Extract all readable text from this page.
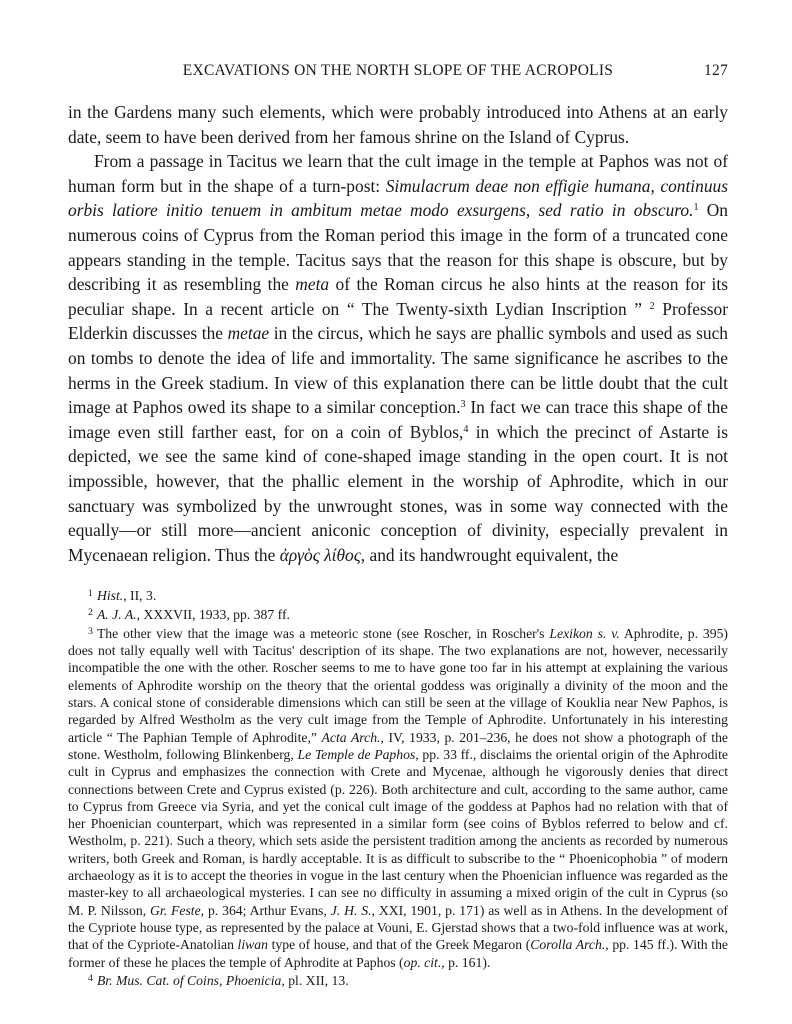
EXCAVATIONS ON THE NORTH SLOPE OF THE ACROPOLIS	127

in the Gardens many such elements, which were probably introduced into Athens at an early date, seem to have been derived from her famous shrine on the Island of Cyprus.

From a passage in Tacitus we learn that the cult image in the temple at Paphos was not of human form but in the shape of a turn-post: Simulacrum deae non effigie humana, continuus orbis latiore initio tenuem in ambitum metae modo exsurgens, sed ratio in obscuro.$^1$ On numerous coins of Cyprus from the Roman period this image in the form of a truncated cone appears standing in the temple. Tacitus says that the reason for this shape is obscure, but by describing it as resembling the meta of the Roman circus he also hints at the reason for its peculiar shape. In a recent article on “ The Twenty-sixth Lydian Inscription ” $^2$ Professor Elderkin discusses the metae in the circus, which he says are phallic symbols and used as such on tombs to denote the idea of life and immortality. The same significance he ascribes to the herms in the Greek stadium. In view of this explanation there can be little doubt that the cult image at Paphos owed its shape to a similar conception.$^3$ In fact we can trace this shape of the image even still farther east, for on a coin of Byblos,$^4$ in which the precinct of Astarte is depicted, we see the same kind of cone-shaped image standing in the open court. It is not impossible, however, that the phallic element in the worship of Aphrodite, which in our sanctuary was symbolized by the unwrought stones, was in some way connected with the equally—or still more—ancient aniconic conception of divinity, especially prevalent in Mycenaean religion. Thus the ἀργὸς λίθος, and its handwrought equivalent, the

$^1$ Hist., II, 3.

$^2$ A. J. A., XXXVII, 1933, pp. 387 ff.

$^3$ The other view that the image was a meteoric stone (see Roscher, in Roscher's Lexikon s. v. Aphrodite, p. 395) does not tally equally well with Tacitus' description of its shape. The two explanations are not, however, necessarily incompatible the one with the other. Roscher seems to me to have gone too far in his attempt at explaining the various elements of Aphrodite worship on the theory that the oriental goddess was originally a divinity of the moon and the stars. A conical stone of considerable dimensions which can still be seen at the village of Kouklia near New Paphos, is regarded by Alfred Westholm as the very cult image from the Temple of Aphrodite. Unfortunately in his interesting article “ The Paphian Temple of Aphrodite,” Acta Arch., IV, 1933, p. 201–236, he does not show a photograph of the stone. Westholm, following Blinkenberg, Le Temple de Paphos, pp. 33 ff., disclaims the oriental origin of the Aphrodite cult in Cyprus and emphasizes the connection with Crete and Mycenae, although he vigorously denies that direct connections between Crete and Cyprus existed (p. 226). Both architecture and cult, according to the same author, came to Cyprus from Greece via Syria, and yet the conical cult image of the goddess at Paphos had no relation with that of her Phoenician counterpart, which was represented in a similar form (see coins of Byblos referred to below and cf. Westholm, p. 221). Such a theory, which sets aside the persistent tradition among the ancients as recorded by numerous writers, both Greek and Roman, is hardly acceptable. It is as difficult to subscribe to the “ Phoenicophobia ” of modern archaeology as it is to accept the theories in vogue in the last century when the Phoenician influence was regarded as the master-key to all archaeological mysteries. I can see no difficulty in assuming a mixed origin of the cult in Cyprus (so M. P. Nilsson, Gr. Feste, p. 364; Arthur Evans, J. H. S., XXI, 1901, p. 171) as well as in Athens. In the development of the Cypriote house type, as represented by the palace at Vouni, E. Gjerstad shows that a two-fold influence was at work, that of the Cypriote-Anatolian liwan type of house, and that of the Greek Megaron (Corolla Arch., pp. 145 ff.). With the former of these he places the temple of Aphrodite at Paphos (op. cit., p. 161).

$^4$ Br. Mus. Cat. of Coins, Phoenicia, pl. XII, 13.
